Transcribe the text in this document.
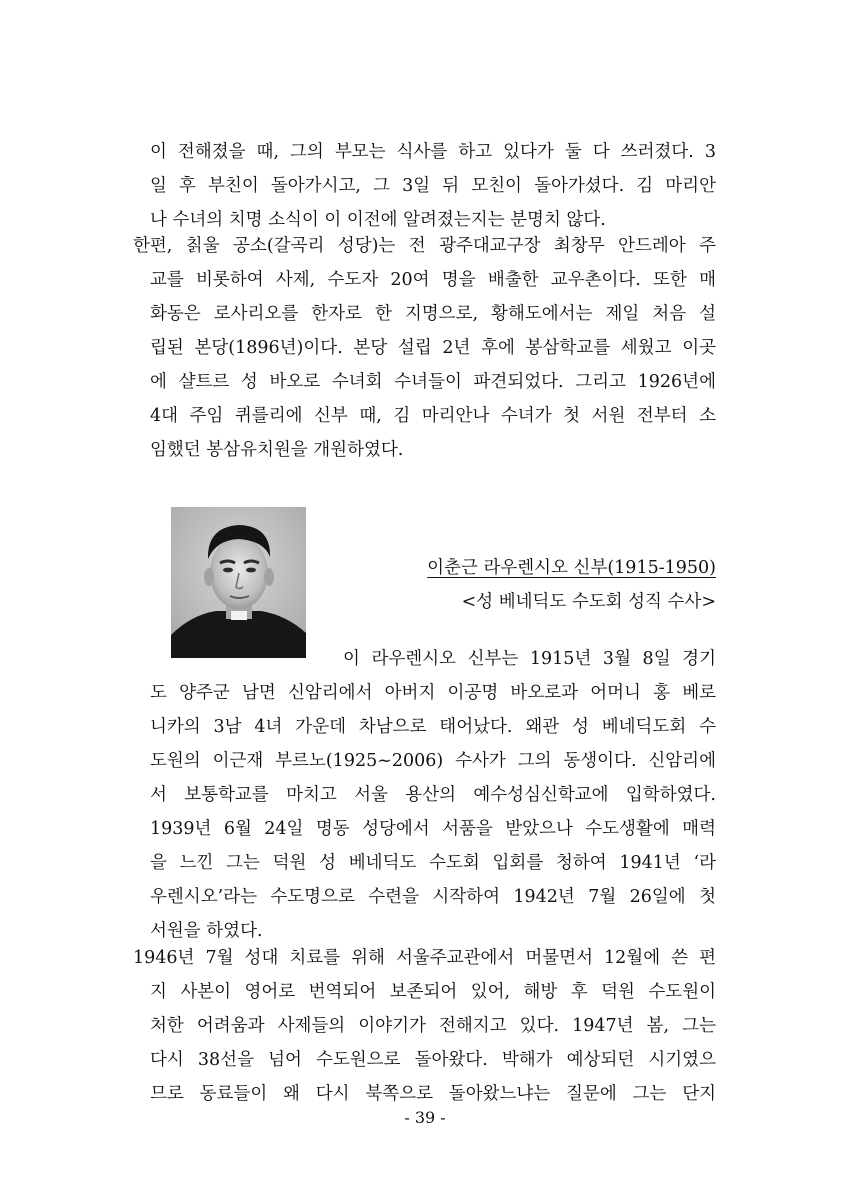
이 전해졌을 때, 그의 부모는 식사를 하고 있다가 둘 다 쓰러졌다. 3
일 후 부친이 돌아가시고, 그 3일 뒤 모친이 돌아가셨다. 김 마리안
나 수녀의 치명 소식이 이 이전에 알려졌는지는 분명치 않다.
한편, 칡울 공소(갈곡리 성당)는 전 광주대교구장 최창무 안드레아 주
교를 비롯하여 사제, 수도자 20여 명을 배출한 교우촌이다. 또한 매
화동은 로사리오를 한자로 한 지명으로, 황해도에서는 제일 처음 설
립된 본당(1896년)이다. 본당 설립 2년 후에 봉삼학교를 세웠고 이곳
에 샬트르 성 바오로 수녀회 수녀들이 파견되었다. 그리고 1926년에
4대 주임 퀴를리에 신부 때, 김 마리안나 수녀가 첫 서원 전부터 소
임했던 봉삼유치원을 개원하였다.
이춘근 라우렌시오 신부(1915-1950)
<성 베네딕도 수도회 성직 수사>
이 라우렌시오 신부는 1915년 3월 8일 경기
도 양주군 남면 신암리에서 아버지 이공명 바오로과 어머니 홍 베로
니카의 3남 4녀 가운데 차남으로 태어났다. 왜관 성 베네딕도회 수
도원의 이근재 부르노(1925~2006) 수사가 그의 동생이다. 신암리에
서 보통학교를 마치고 서울 용산의 예수성심신학교에 입학하였다.
1939년 6월 24일 명동 성당에서 서품을 받았으나 수도생활에 매력
을 느낀 그는 덕원 성 베네딕도 수도회 입회를 청하여 1941년 ‘라
우렌시오’라는 수도명으로 수련을 시작하여 1942년 7월 26일에 첫
서원을 하였다.
1946년 7월 성대 치료를 위해 서울주교관에서 머물면서 12월에 쓴 편
지 사본이 영어로 번역되어 보존되어 있어, 해방 후 덕원 수도원이
처한 어려움과 사제들의 이야기가 전해지고 있다. 1947년 봄, 그는
다시 38선을 넘어 수도원으로 돌아왔다. 박해가 예상되던 시기였으
므로 동료들이 왜 다시 북쪽으로 돌아왔느냐는 질문에 그는 단지
- 39 -
